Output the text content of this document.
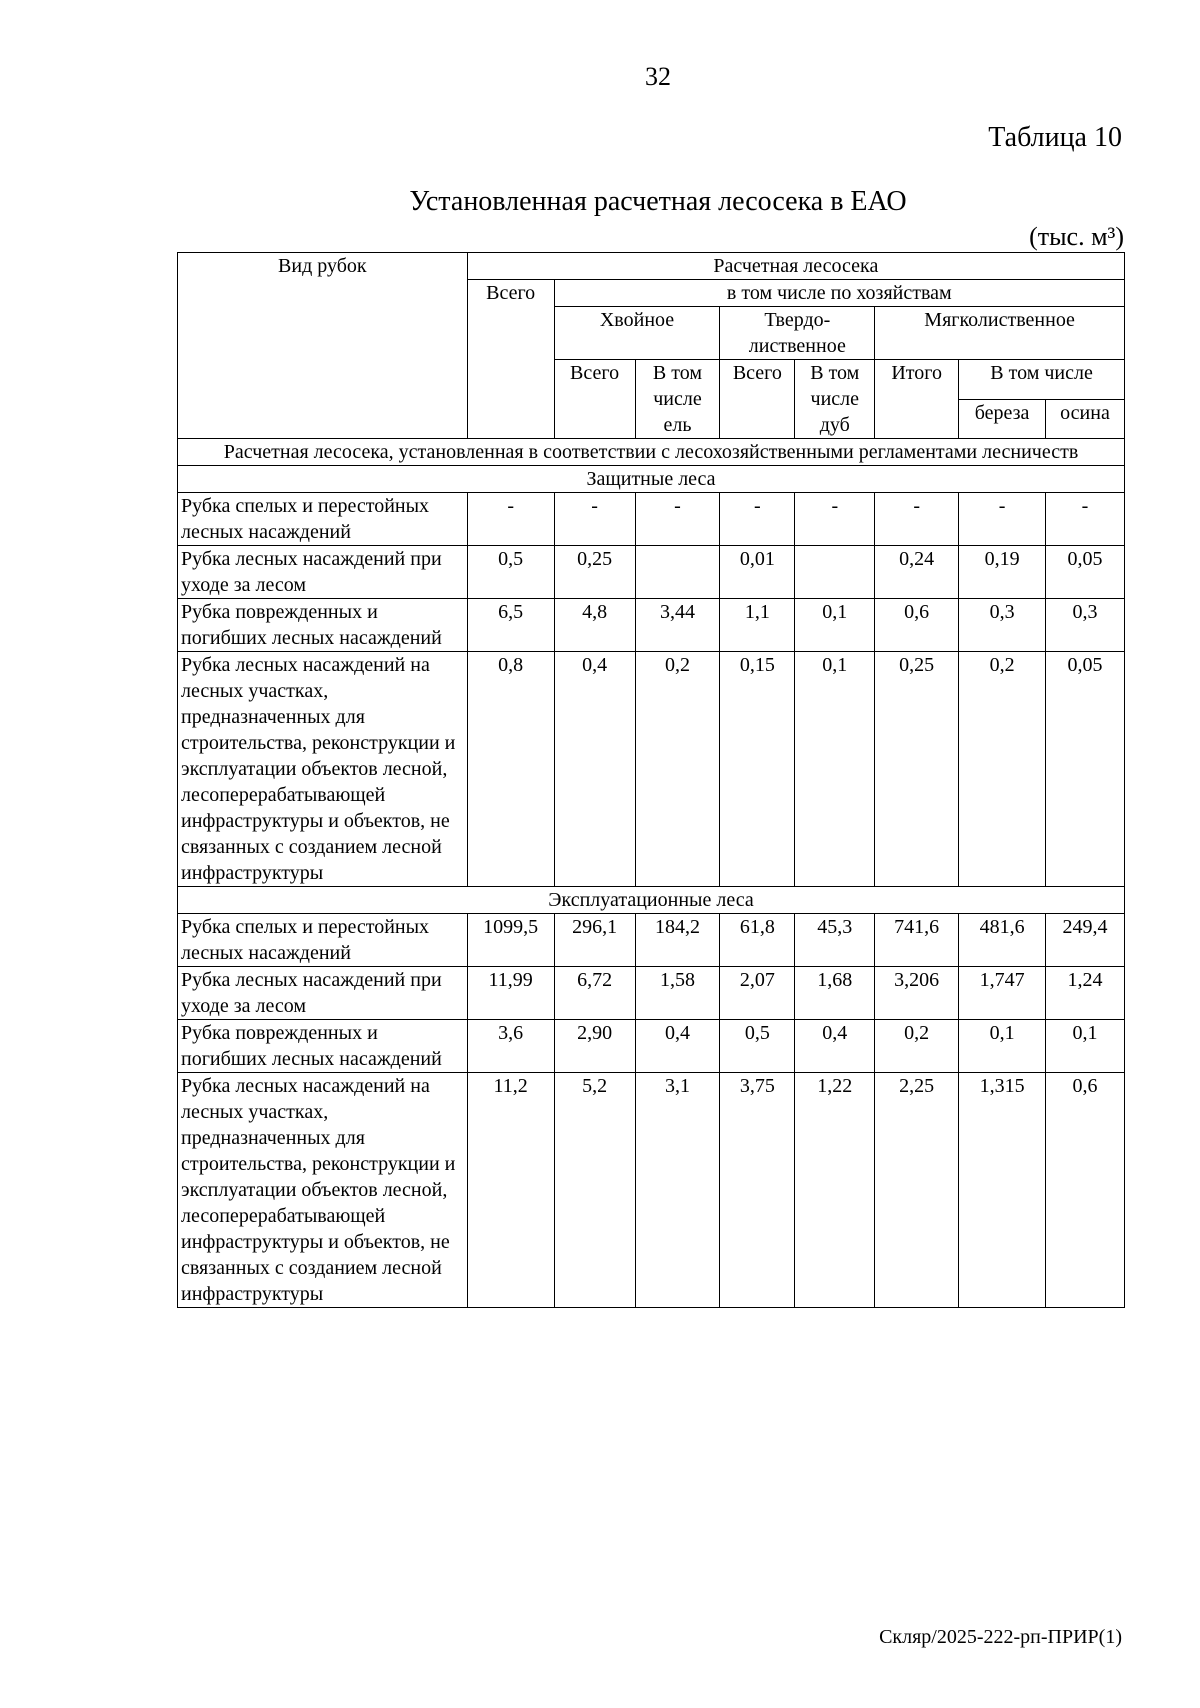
32
Таблица 10
Установленная расчетная лесосека в ЕАО
(тыс. м³)
Вид рубок	Расчетная лесосека							
	Всего	в том числе по хозяйствам						
		Хвойное		Твердо-лиственное		Мягколиственное		
		Всего	В том числе ель	Всего	В том числе дуб	Итого	В том числе	
							береза	осина
Расчетная лесосека, установленная в соответствии с лесохозяйственными регламентами лесничеств								
Защитные леса								
Рубка спелых и перестойных лесных насаждений	-	-	-	-	-	-	-	-
Рубка лесных насаждений при уходе за лесом	0,5	0,25		0,01		0,24	0,19	0,05
Рубка поврежденных и погибших лесных насаждений	6,5	4,8	3,44	1,1	0,1	0,6	0,3	0,3
Рубка лесных насаждений на лесных участках, предназначенных для строительства, реконструкции и эксплуатации объектов лесной, лесоперерабатывающей инфраструктуры и объектов, не связанных с созданием лесной инфраструктуры	0,8	0,4	0,2	0,15	0,1	0,25	0,2	0,05
Эксплуатационные леса								
Рубка спелых и перестойных лесных насаждений	1099,5	296,1	184,2	61,8	45,3	741,6	481,6	249,4
Рубка лесных насаждений при уходе за лесом	11,99	6,72	1,58	2,07	1,68	3,206	1,747	1,24
Рубка поврежденных и погибших лесных насаждений	3,6	2,90	0,4	0,5	0,4	0,2	0,1	0,1
Рубка лесных насаждений на лесных участках, предназначенных для строительства, реконструкции и эксплуатации объектов лесной, лесоперерабатывающей инфраструктуры и объектов, не связанных с созданием лесной инфраструктуры	11,2	5,2	3,1	3,75	1,22	2,25	1,315	0,6
Скляр/2025-222-рп-ПРИР(1)
